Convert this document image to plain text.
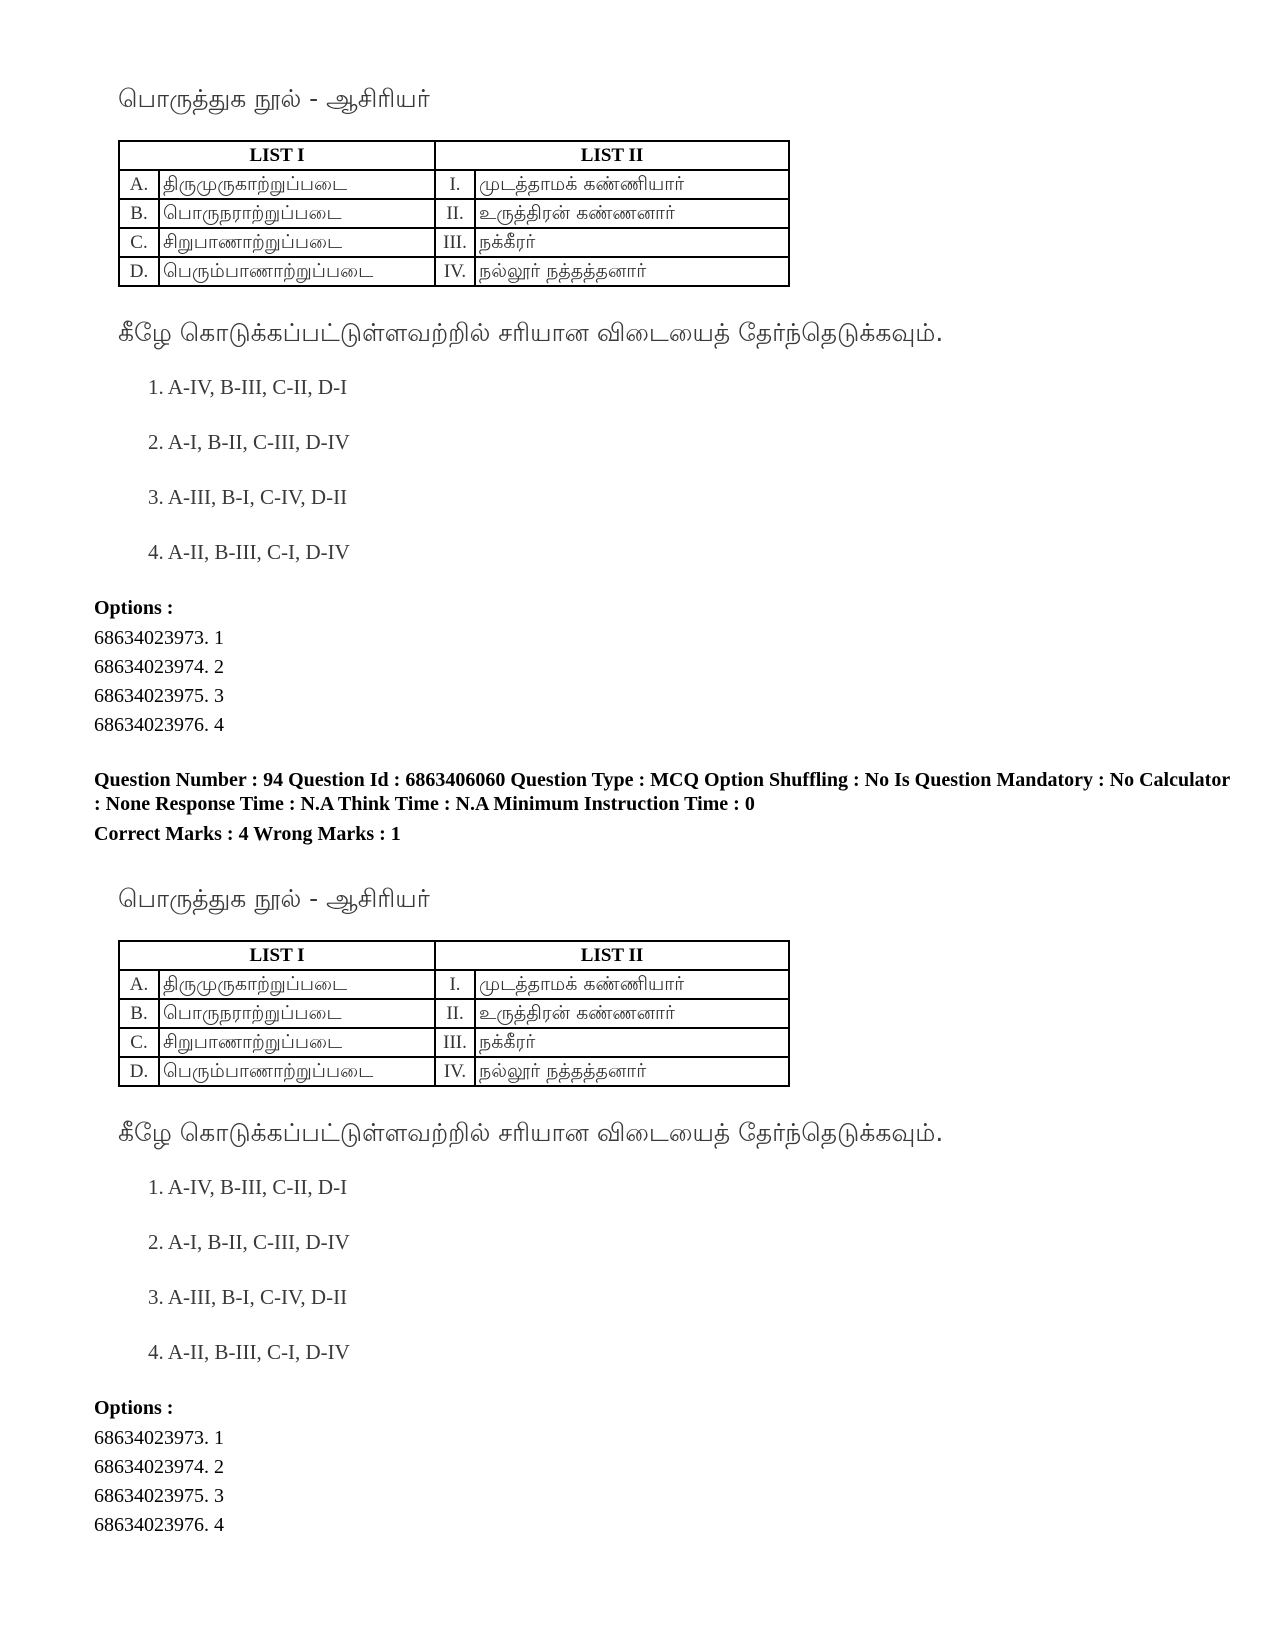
பொருத்துக நூல் - ஆசிரியர்

LIST I		LIST II	
A.	திருமுருகாற்றுப்படை	I.	முடத்தாமக் கண்ணியார்
B.	பொருநராற்றுப்படை	II.	உருத்திரன் கண்ணனார்
C.	சிறுபாணாற்றுப்படை	III.	நக்கீரர்
D.	பெரும்பாணாற்றுப்படை	IV.	நல்லூர் நத்தத்தனார்

கீழே கொடுக்கப்பட்டுள்ளவற்றில் சரியான விடையைத் தேர்ந்தெடுக்கவும்.

1. A-IV, B-III, C-II, D-I
2. A-I, B-II, C-III, D-IV
3. A-III, B-I, C-IV, D-II
4. A-II, B-III, C-I, D-IV

Options :

68634023973. 1
68634023974. 2
68634023975. 3
68634023976. 4

Question Number : 94 Question Id : 6863406060 Question Type : MCQ Option Shuffling : No Is Question Mandatory : No Calculator : None Response Time : N.A Think Time : N.A Minimum Instruction Time : 0

Correct Marks : 4 Wrong Marks : 1

பொருத்துக நூல் - ஆசிரியர்

LIST I		LIST II	
A.	திருமுருகாற்றுப்படை	I.	முடத்தாமக் கண்ணியார்
B.	பொருநராற்றுப்படை	II.	உருத்திரன் கண்ணனார்
C.	சிறுபாணாற்றுப்படை	III.	நக்கீரர்
D.	பெரும்பாணாற்றுப்படை	IV.	நல்லூர் நத்தத்தனார்

கீழே கொடுக்கப்பட்டுள்ளவற்றில் சரியான விடையைத் தேர்ந்தெடுக்கவும்.

1. A-IV, B-III, C-II, D-I
2. A-I, B-II, C-III, D-IV
3. A-III, B-I, C-IV, D-II
4. A-II, B-III, C-I, D-IV

Options :

68634023973. 1
68634023974. 2
68634023975. 3
68634023976. 4
